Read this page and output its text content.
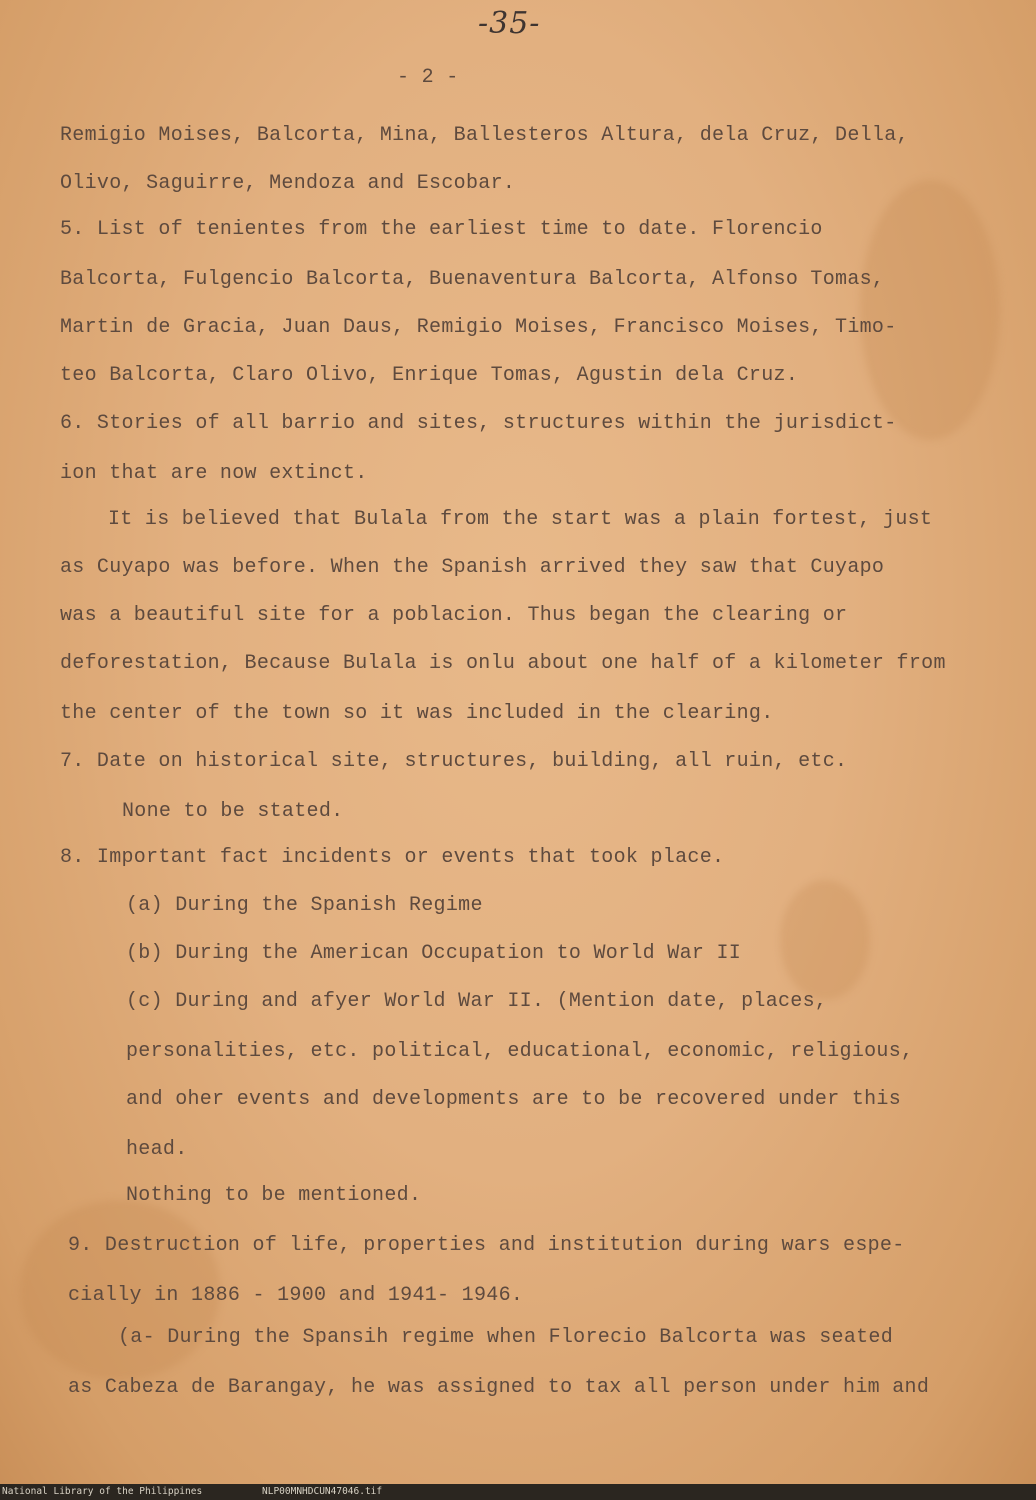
-35-
- 2 -
Remigio Moises, Balcorta, Mina, Ballesteros Altura, dela Cruz, Della,
Olivo, Saguirre, Mendoza and Escobar.
5. List of tenientes from the earliest time to date. Florencio
Balcorta, Fulgencio Balcorta, Buenaventura Balcorta, Alfonso Tomas,
Martin de Gracia, Juan Daus, Remigio Moises, Francisco Moises, Timo-
teo Balcorta, Claro Olivo, Enrique Tomas, Agustin dela Cruz.
6. Stories of all barrio and sites, structures within the jurisdict-
ion that are now extinct.
It is believed that Bulala from the start was a plain fortest, just
as Cuyapo was before. When the Spanish arrived they saw that Cuyapo
was a beautiful site for a poblacion. Thus began the clearing or
deforestation, Because Bulala is onlu about one half of a kilometer from
the center of the town so it was included in the clearing.
7. Date on historical site, structures, building, all ruin, etc.
None to be stated.
8. Important fact incidents or events that took place.
(a) During the Spanish Regime
(b) During the American Occupation to World War II
(c) During and afyer World War II. (Mention date, places,
personalities, etc. political, educational, economic, religious,
and oher events and developments are to be recovered under this
head.
Nothing to be mentioned.
9. Destruction of life, properties and institution during wars espe-
cially in 1886 - 1900 and 1941- 1946.
(a- During the Spansih regime when Florecio Balcorta was seated
as Cabeza de Barangay, he was assigned to tax all person under him and
National Library of the Philippines	NLP00MNHDCUN47046.tif
